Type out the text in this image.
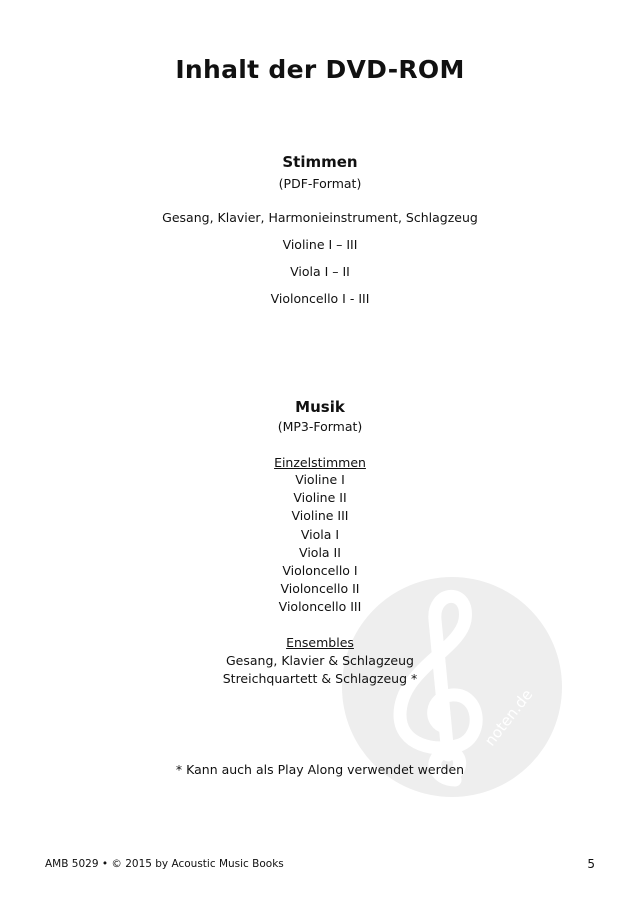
noten.de
Inhalt der DVD-ROM
Stimmen
(PDF-Format)
Gesang, Klavier, Harmonieinstrument, Schlagzeug
Violine I – III
Viola I – II
Violoncello I - III
Musik
(MP3-Format)
Einzelstimmen
Violine I
Violine II
Violine III
Viola I
Viola II
Violoncello I
Violoncello II
Violoncello III
Ensembles
Gesang, Klavier & Schlagzeug
Streichquartett & Schlagzeug *
* Kann auch als Play Along verwendet werden
AMB 5029 • © 2015 by Acoustic Music Books	5
